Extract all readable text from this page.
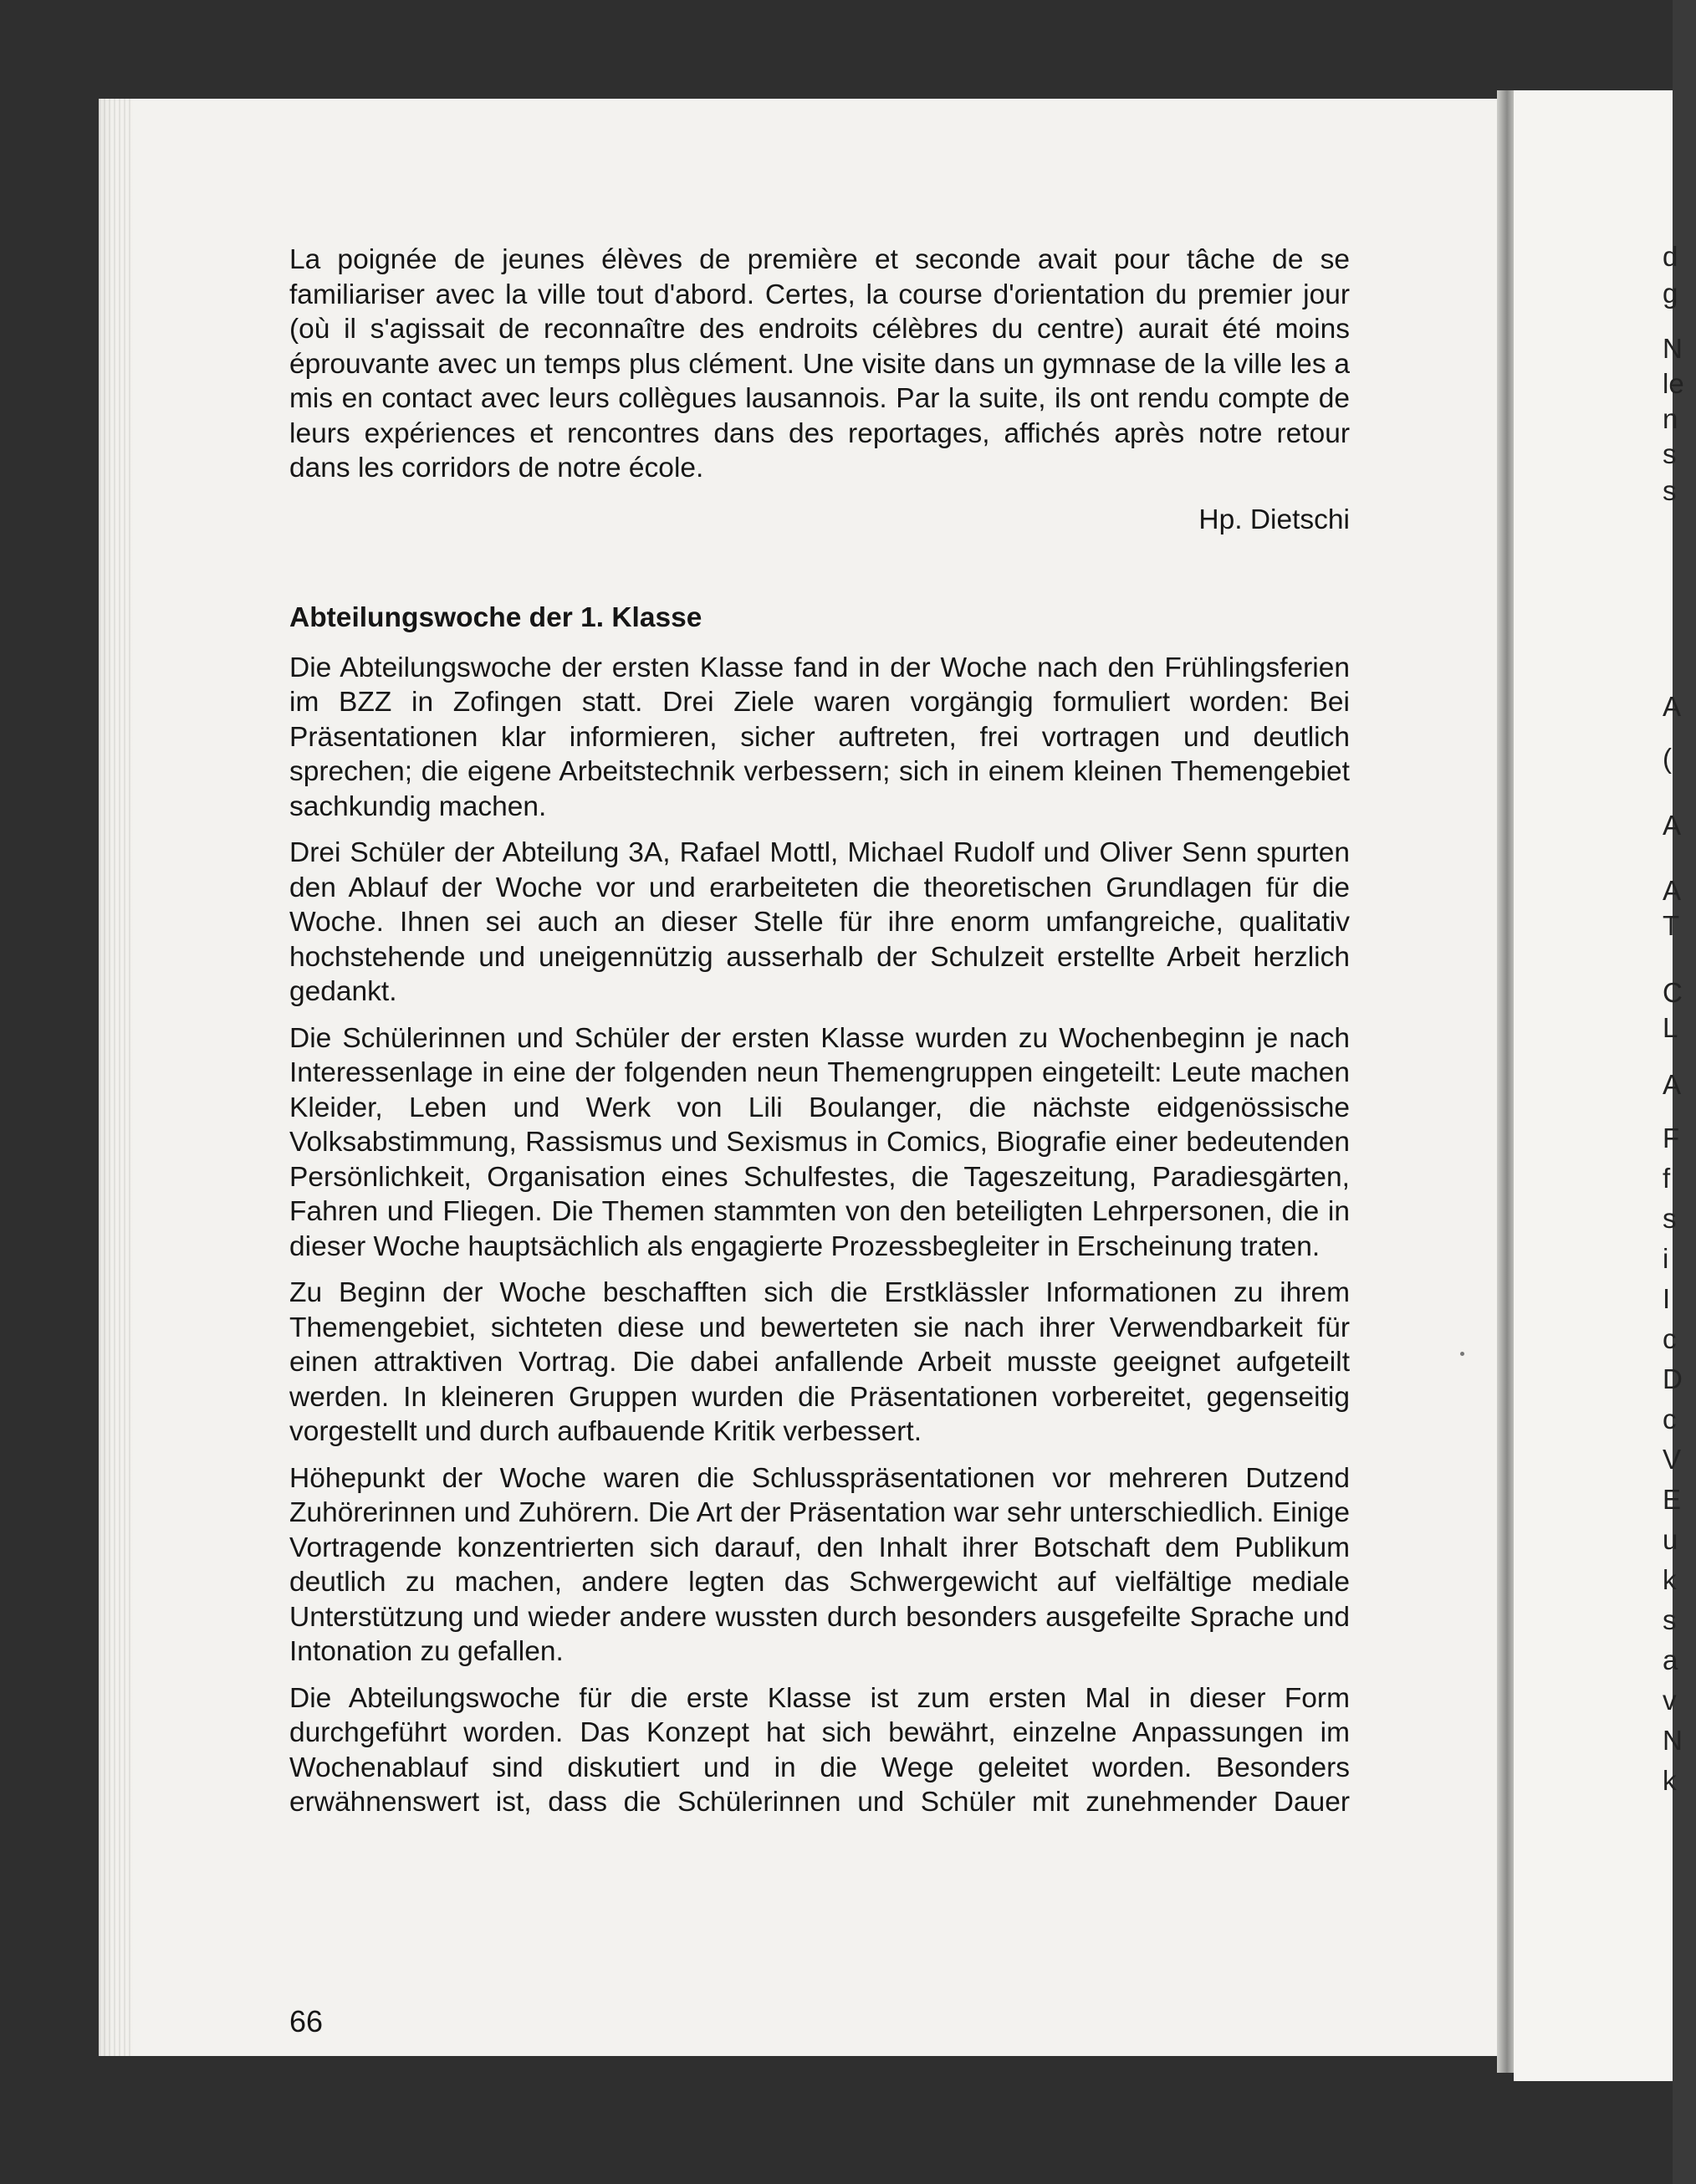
d
g
N
le
n
s
s
A
(
A
A
T
C
L
A
F
f
s
i
I
c
D
c
V
E
u
k
s
a
v
N
k

La poignée de jeunes élèves de première et seconde avait pour tâche de se familiariser avec la ville tout d'abord. Certes, la course d'orientation du premier jour (où il s'agissait de reconnaître des endroits célèbres du centre) aurait été moins éprouvante avec un temps plus clément. Une visite dans un gymnase de la ville les a mis en contact avec leurs collègues lausannois. Par la suite, ils ont rendu compte de leurs expériences et rencontres dans des reportages, affichés après notre retour dans les corridors de notre école.

Hp. Dietschi

Abteilungswoche der 1. Klasse

Die Abteilungswoche der ersten Klasse fand in der Woche nach den Frühlingsferien im BZZ in Zofingen statt. Drei Ziele waren vorgängig formuliert worden: Bei Präsentationen klar informieren, sicher auftreten, frei vortragen und deutlich sprechen; die eigene Arbeitstechnik verbessern; sich in einem kleinen Themengebiet sachkundig machen.

Drei Schüler der Abteilung 3A, Rafael Mottl, Michael Rudolf und Oliver Senn spurten den Ablauf der Woche vor und erarbeiteten die theoretischen Grundlagen für die Woche. Ihnen sei auch an dieser Stelle für ihre enorm umfangreiche, qualitativ hochstehende und uneigennützig ausserhalb der Schulzeit erstellte Arbeit herzlich gedankt.

Die Schülerinnen und Schüler der ersten Klasse wurden zu Wochenbeginn je nach Interessenlage in eine der folgenden neun Themengruppen eingeteilt: Leute machen Kleider, Leben und Werk von Lili Boulanger, die nächste eidgenössische Volksabstimmung, Rassismus und Sexismus in Comics, Biografie einer bedeutenden Persönlichkeit, Organisation eines Schulfestes, die Tageszeitung, Paradiesgärten, Fahren und Fliegen. Die Themen stammten von den beteiligten Lehrpersonen, die in dieser Woche hauptsächlich als engagierte Prozessbegleiter in Erscheinung traten.

Zu Beginn der Woche beschafften sich die Erstklässler Informationen zu ihrem Themengebiet, sichteten diese und bewerteten sie nach ihrer Verwendbarkeit für einen attraktiven Vortrag. Die dabei anfallende Arbeit musste geeignet aufgeteilt werden. In kleineren Gruppen wurden die Präsentationen vorbereitet, gegenseitig vorgestellt und durch aufbauende Kritik verbessert.

Höhepunkt der Woche waren die Schlusspräsentationen vor mehreren Dutzend Zuhörerinnen und Zuhörern. Die Art der Präsentation war sehr unterschiedlich. Einige Vortragende konzentrierten sich darauf, den Inhalt ihrer Botschaft dem Publikum deutlich zu machen, andere legten das Schwergewicht auf vielfältige mediale Unterstützung und wieder andere wussten durch besonders ausgefeilte Sprache und Intonation zu gefallen.

Die Abteilungswoche für die erste Klasse ist zum ersten Mal in dieser Form durchgeführt worden. Das Konzept hat sich bewährt, einzelne Anpassungen im Wochenablauf sind diskutiert und in die Wege geleitet worden. Besonders erwähnenswert ist, dass die Schülerinnen und Schüler mit zunehmender Dauer

66
